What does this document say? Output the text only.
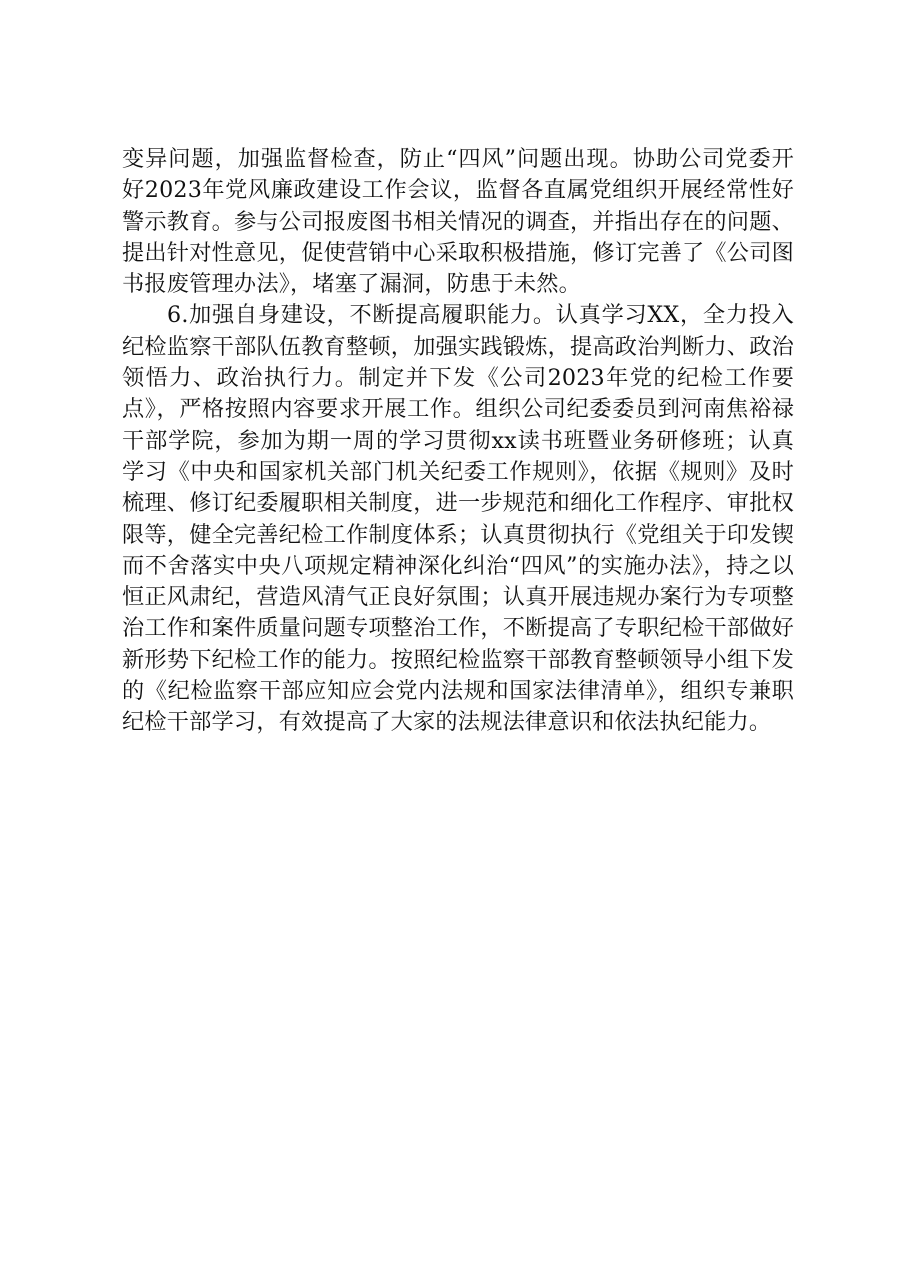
变异问题，加强监督检查，防止“四风”问题出现。协助公司党委开好2023年党风廉政建设工作会议，监督各直属党组织开展经常性好警示教育。参与公司报废图书相关情况的调查，并指出存在的问题、提出针对性意见，促使营销中心采取积极措施，修订完善了《公司图书报废管理办法》，堵塞了漏洞，防患于未然。

6.加强自身建设，不断提高履职能力。认真学习XX，全力投入纪检监察干部队伍教育整顿，加强实践锻炼，提高政治判断力、政治领悟力、政治执行力。制定并下发《公司2023年党的纪检工作要点》，严格按照内容要求开展工作。组织公司纪委委员到河南焦裕禄干部学院，参加为期一周的学习贯彻xx读书班暨业务研修班；认真学习《中央和国家机关部门机关纪委工作规则》，依据《规则》及时梳理、修订纪委履职相关制度，进一步规范和细化工作程序、审批权限等，健全完善纪检工作制度体系；认真贯彻执行《党组关于印发锲而不舍落实中央八项规定精神深化纠治“四风”的实施办法》，持之以恒正风肃纪，营造风清气正良好氛围；认真开展违规办案行为专项整治工作和案件质量问题专项整治工作，不断提高了专职纪检干部做好新形势下纪检工作的能力。按照纪检监察干部教育整顿领导小组下发的《纪检监察干部应知应会党内法规和国家法律清单》，组织专兼职纪检干部学习，有效提高了大家的法规法律意识和依法执纪能力。
